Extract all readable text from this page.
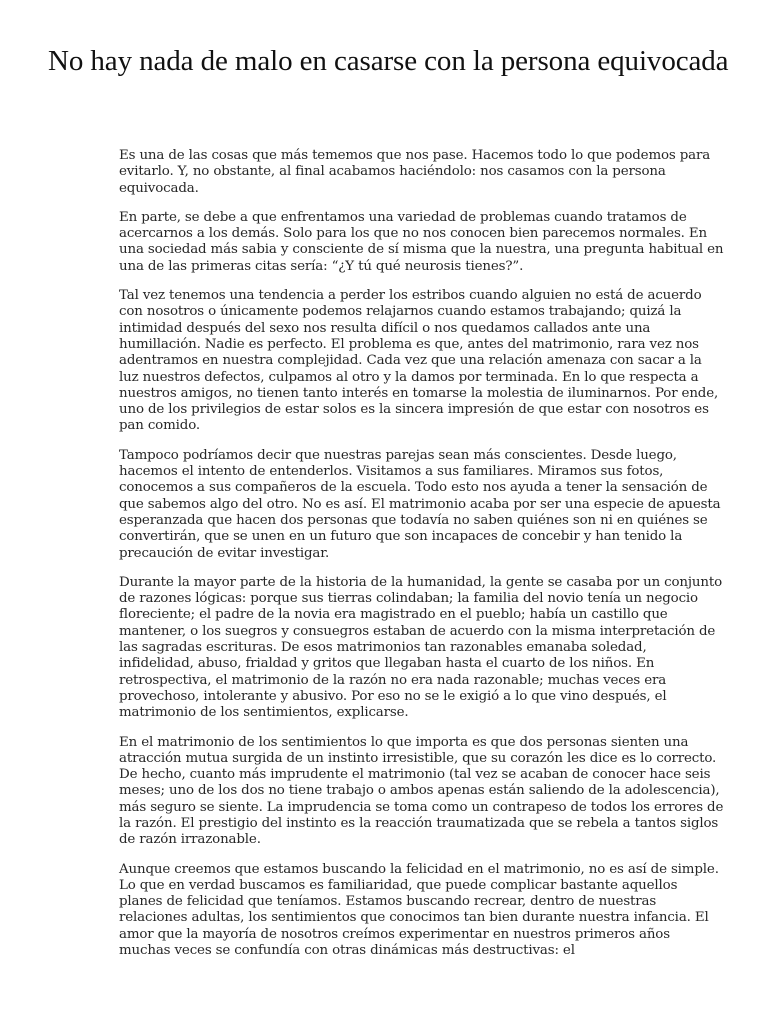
No hay nada de malo en casarse con la persona equivocada

Es una de las cosas que más tememos que nos pase. Hacemos todo lo que podemos para evitarlo. Y, no obstante, al final acabamos haciéndolo: nos casamos con la persona equivocada.

En parte, se debe a que enfrentamos una variedad de problemas cuando tratamos de acercarnos a los demás. Solo para los que no nos conocen bien parecemos normales. En una sociedad más sabia y consciente de sí misma que la nuestra, una pregunta habitual en una de las primeras citas sería: “¿Y tú qué neurosis tienes?”.

Tal vez tenemos una tendencia a perder los estribos cuando alguien no está de acuerdo con nosotros o únicamente podemos relajarnos cuando estamos trabajando; quizá la intimidad después del sexo nos resulta difícil o nos quedamos callados ante una humillación. Nadie es perfecto. El problema es que, antes del matrimonio, rara vez nos adentramos en nuestra complejidad. Cada vez que una relación amenaza con sacar a la luz nuestros defectos, culpamos al otro y la damos por terminada. En lo que respecta a nuestros amigos, no tienen tanto interés en tomarse la molestia de iluminarnos. Por ende, uno de los privilegios de estar solos es la sincera impresión de que estar con nosotros es pan comido.

Tampoco podríamos decir que nuestras parejas sean más conscientes. Desde luego, hacemos el intento de entenderlos. Visitamos a sus familiares. Miramos sus fotos, conocemos a sus compañeros de la escuela. Todo esto nos ayuda a tener la sensación de que sabemos algo del otro. No es así. El matrimonio acaba por ser una especie de apuesta esperanzada que hacen dos personas que todavía no saben quiénes son ni en quiénes se convertirán, que se unen en un futuro que son incapaces de concebir y han tenido la precaución de evitar investigar.

Durante la mayor parte de la historia de la humanidad, la gente se casaba por un conjunto de razones lógicas: porque sus tierras colindaban; la familia del novio tenía un negocio floreciente; el padre de la novia era magistrado en el pueblo; había un castillo que mantener, o los suegros y consuegros estaban de acuerdo con la misma interpretación de las sagradas escrituras. De esos matrimonios tan razonables emanaba soledad, infidelidad, abuso, frialdad y gritos que llegaban hasta el cuarto de los niños. En retrospectiva, el matrimonio de la razón no era nada razonable; muchas veces era provechoso, intolerante y abusivo. Por eso no se le exigió a lo que vino después, el matrimonio de los sentimientos, explicarse.

En el matrimonio de los sentimientos lo que importa es que dos personas sienten una atracción mutua surgida de un instinto irresistible, que su corazón les dice es lo correcto. De hecho, cuanto más imprudente el matrimonio (tal vez se acaban de conocer hace seis meses; uno de los dos no tiene trabajo o ambos apenas están saliendo de la adolescencia), más seguro se siente. La imprudencia se toma como un contrapeso de todos los errores de la razón. El prestigio del instinto es la reacción traumatizada que se rebela a tantos siglos de razón irrazonable.

Aunque creemos que estamos buscando la felicidad en el matrimonio, no es así de simple. Lo que en verdad buscamos es familiaridad, que puede complicar bastante aquellos planes de felicidad que teníamos. Estamos buscando recrear, dentro de nuestras relaciones adultas, los sentimientos que conocimos tan bien durante nuestra infancia. El amor que la mayoría de nosotros creímos experimentar en nuestros primeros años muchas veces se confundía con otras dinámicas más destructivas: el
